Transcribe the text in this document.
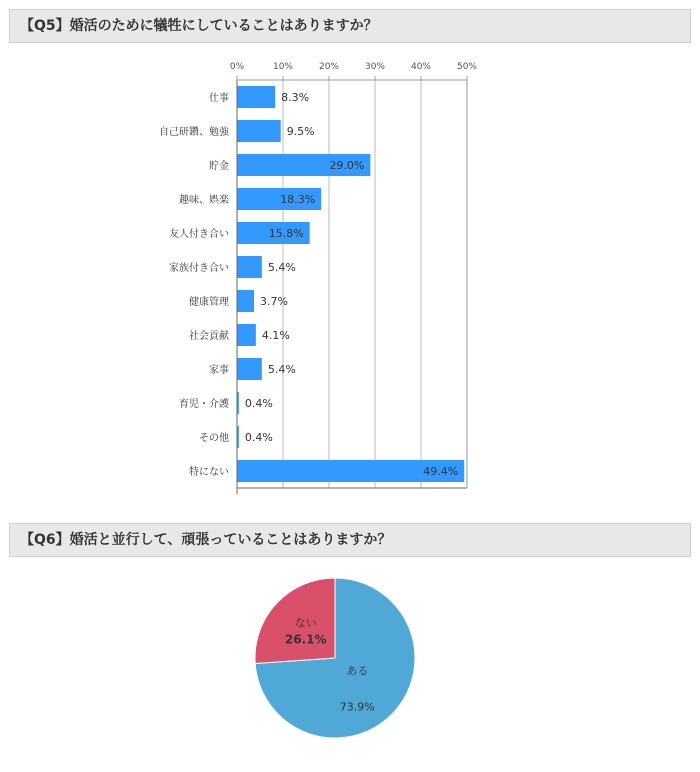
【Q5】婚活のために犠牲にしていることはありますか？
0%	10%	20%	30%	40%	50%
仕事
自己研鑽、勉強
貯金
趣味、娯楽
友人付き合い
家族付き合い
健康管理
社会貢献
家事
育児・介護
その他
特にない
8.3%
9.5%
29.0%
18.3%
15.8%
5.4%
3.7%
4.1%
5.4%
0.4%
0.4%
49.4%
【Q6】婚活と並行して、頑張っていることはありますか？
ある
73.9%
ない
26.1%
